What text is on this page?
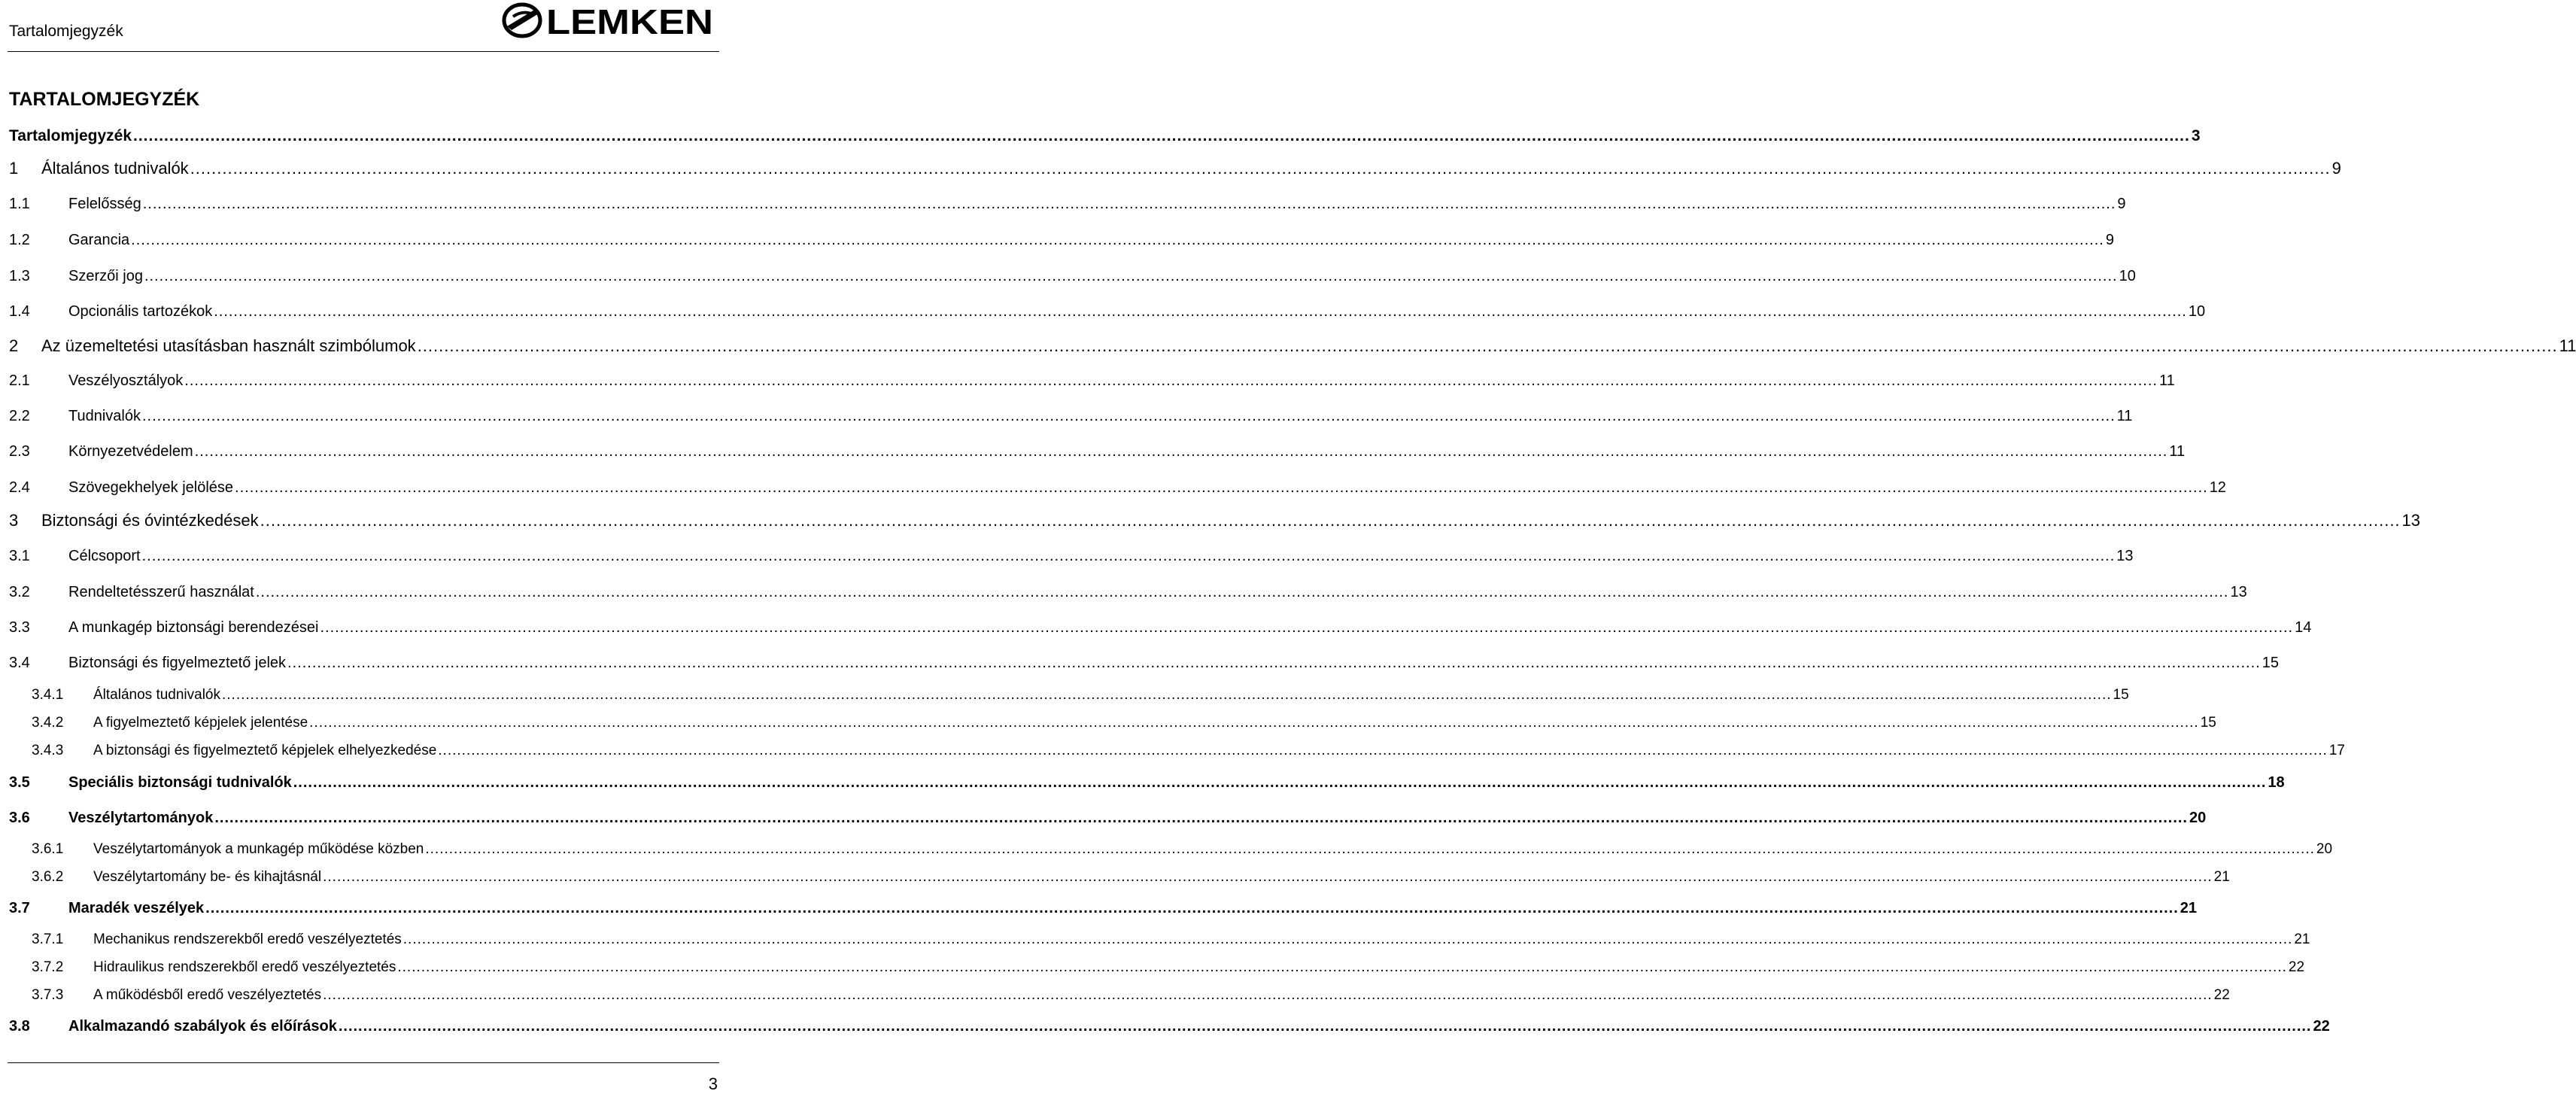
Tartalomjegyzék	LEMKEN
TARTALOMJEGYZÉK
Tartalomjegyzék ................................................................................................................................................................................................................................................................................................................................................................................................................ 3
1	Általános tudnivalók ................................................................................................................................................................................................................................................................................................................................................................................................................ 9
1.1	Felelősség ................................................................................................................................................................................................................................................................................................................................................................................................................ 9
1.2	Garancia ................................................................................................................................................................................................................................................................................................................................................................................................................ 9
1.3	Szerzői jog ................................................................................................................................................................................................................................................................................................................................................................................................................ 10
1.4	Opcionális tartozékok ................................................................................................................................................................................................................................................................................................................................................................................................................ 10
2	Az üzemeltetési utasításban használt szimbólumok ................................................................................................................................................................................................................................................................................................................................................................................................................ 11
2.1	Veszélyosztályok ................................................................................................................................................................................................................................................................................................................................................................................................................ 11
2.2	Tudnivalók ................................................................................................................................................................................................................................................................................................................................................................................................................ 11
2.3	Környezetvédelem ................................................................................................................................................................................................................................................................................................................................................................................................................ 11
2.4	Szövegekhelyek jelölése ................................................................................................................................................................................................................................................................................................................................................................................................................ 12
3	Biztonsági és óvintézkedések ................................................................................................................................................................................................................................................................................................................................................................................................................ 13
3.1	Célcsoport ................................................................................................................................................................................................................................................................................................................................................................................................................ 13
3.2	Rendeltetésszerű használat ................................................................................................................................................................................................................................................................................................................................................................................................................ 13
3.3	A munkagép biztonsági berendezései ................................................................................................................................................................................................................................................................................................................................................................................................................ 14
3.4	Biztonsági és figyelmeztető jelek ................................................................................................................................................................................................................................................................................................................................................................................................................ 15
3.4.1	Általános tudnivalók ................................................................................................................................................................................................................................................................................................................................................................................................................ 15
3.4.2	A figyelmeztető képjelek jelentése ................................................................................................................................................................................................................................................................................................................................................................................................................ 15
3.4.3	A biztonsági és figyelmeztető képjelek elhelyezkedése ................................................................................................................................................................................................................................................................................................................................................................................................................ 17
3.5	Speciális biztonsági tudnivalók ................................................................................................................................................................................................................................................................................................................................................................................................................ 18
3.6	Veszélytartományok ................................................................................................................................................................................................................................................................................................................................................................................................................ 20
3.6.1	Veszélytartományok a munkagép működése közben ................................................................................................................................................................................................................................................................................................................................................................................................................ 20
3.6.2	Veszélytartomány be- és kihajtásnál ................................................................................................................................................................................................................................................................................................................................................................................................................ 21
3.7	Maradék veszélyek ................................................................................................................................................................................................................................................................................................................................................................................................................ 21
3.7.1	Mechanikus rendszerekből eredő veszélyeztetés ................................................................................................................................................................................................................................................................................................................................................................................................................ 21
3.7.2	Hidraulikus rendszerekből eredő veszélyeztetés ................................................................................................................................................................................................................................................................................................................................................................................................................ 22
3.7.3	A működésből eredő veszélyeztetés ................................................................................................................................................................................................................................................................................................................................................................................................................ 22
3.8	Alkalmazandó szabályok és előírások ................................................................................................................................................................................................................................................................................................................................................................................................................ 22
3
